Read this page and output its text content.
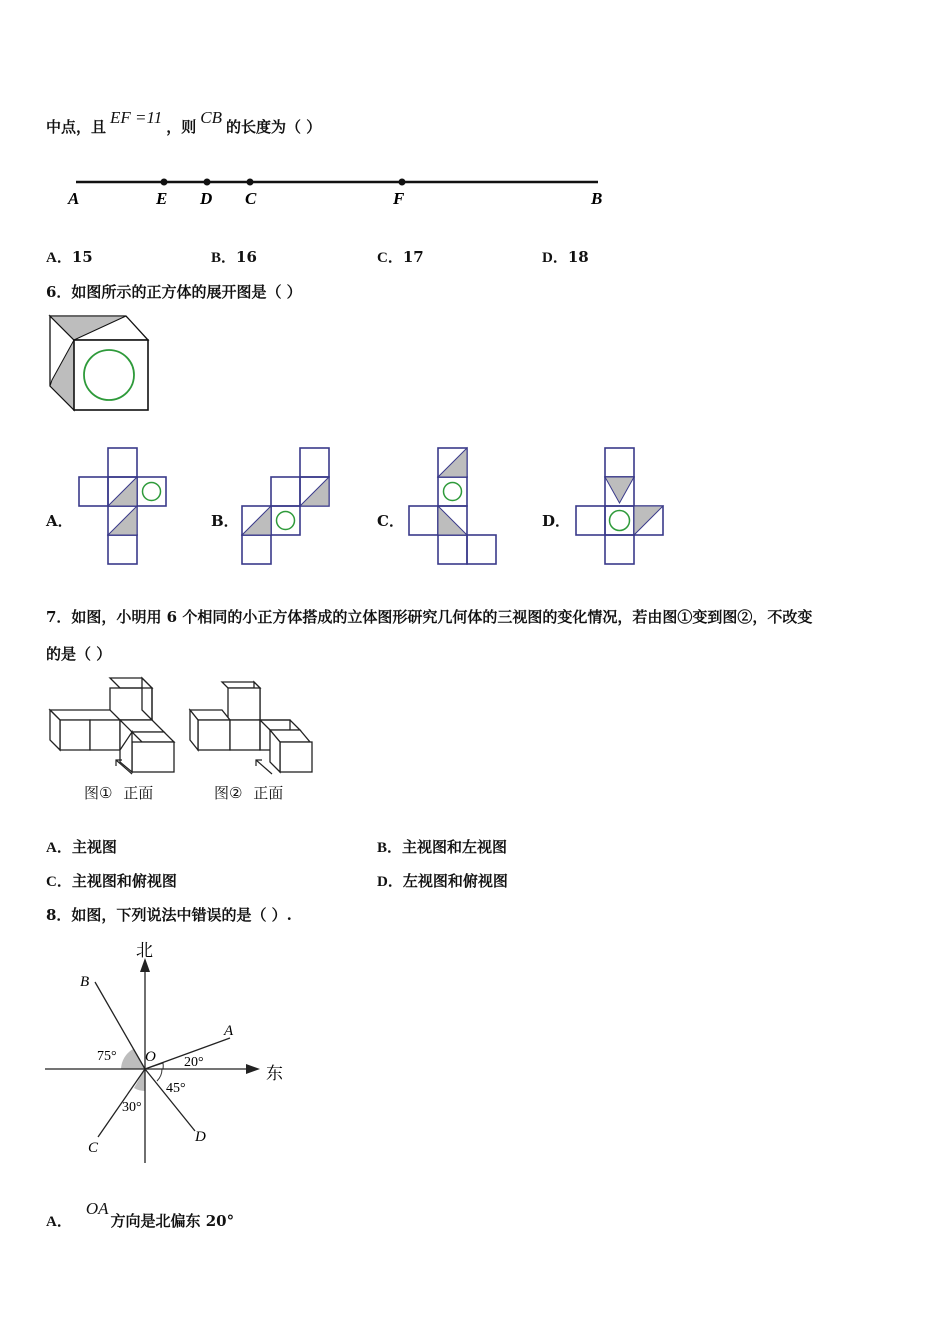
中点，且 EF =11 ，则 CB 的长度为（ ）
A	E D C	F	B
A．15	B．16	C．17	D．18
6．如图所示的正方体的展开图是（ ）
A．	B．	C．	D．
7．如图，小明用 6 个相同的小正方体搭成的立体图形研究几何体的三视图的变化情况，若由图①变到图②，不改变
的是（ ）
图① 正面	图② 正面
A．主视图	B．主视图和左视图
C．主视图和俯视图	D．左视图和俯视图
8．如图，下列说法中错误的是（ ）.
北
东
B
A
C
D
O
75°	20°
45°
30°
A．OA方向是北偏东 20°
